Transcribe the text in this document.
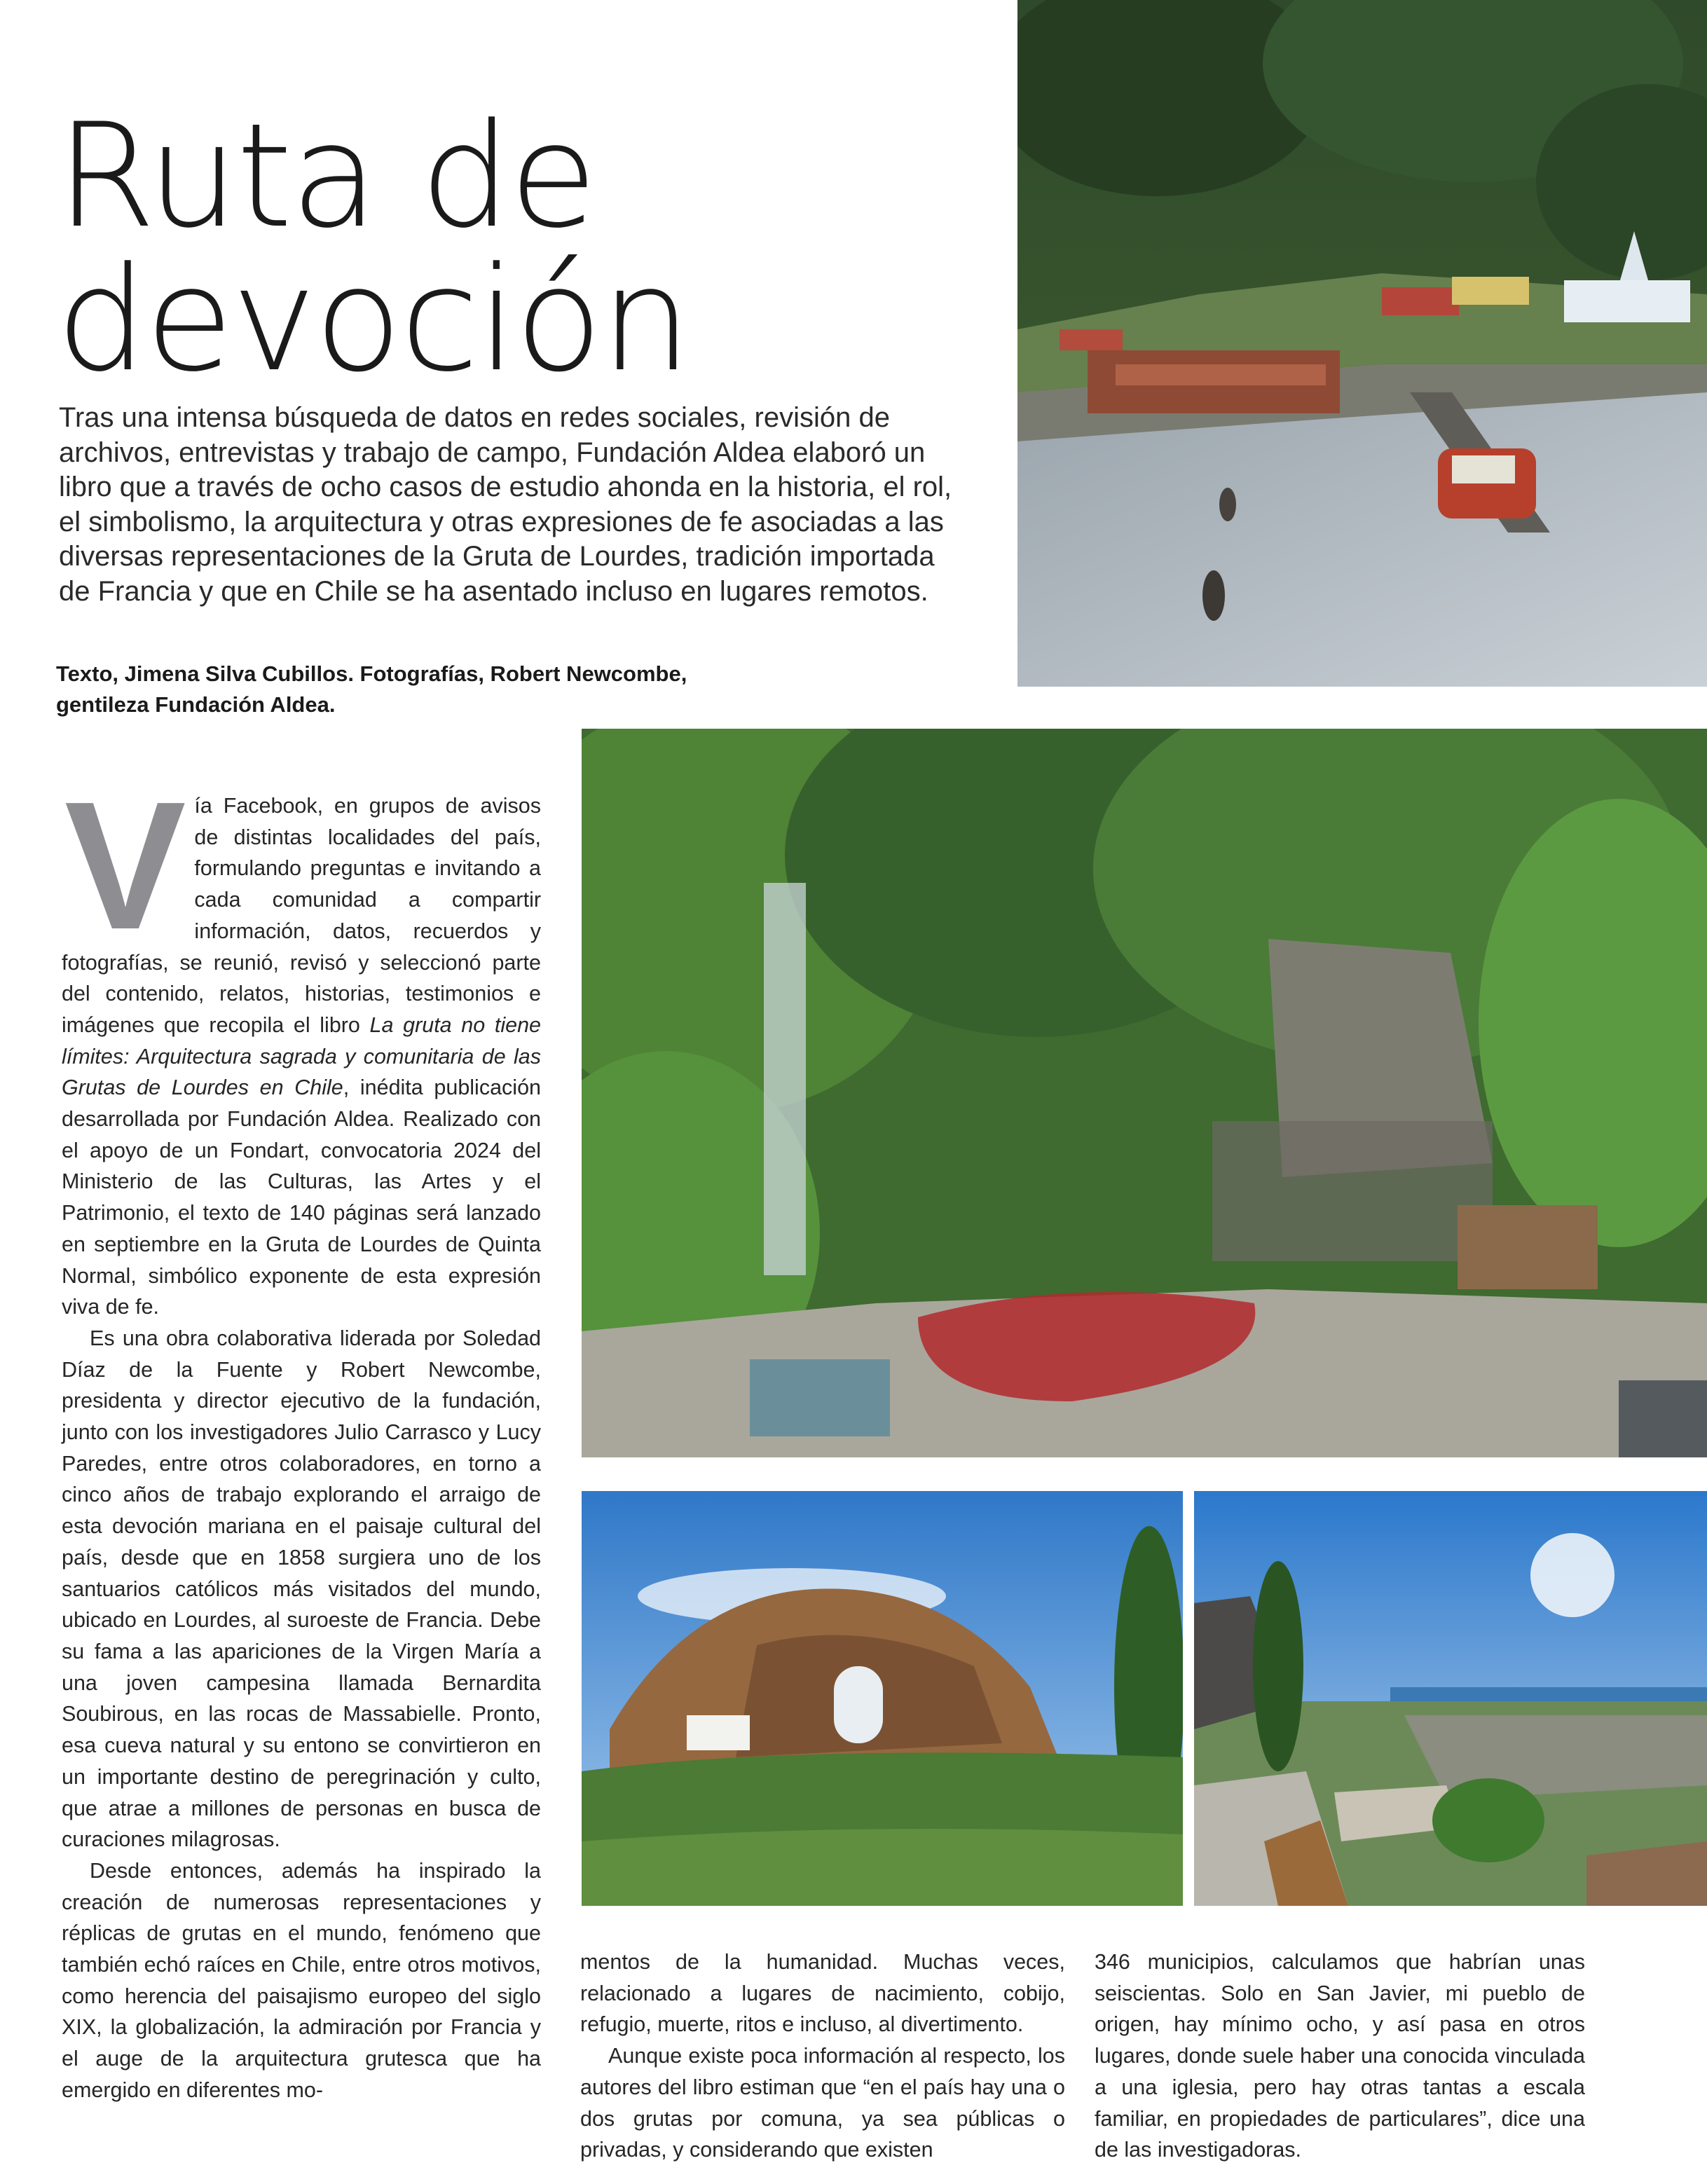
Ruta de
devoción
Tras una intensa búsqueda de datos en redes sociales, revisión de archivos, entrevistas y trabajo de campo, Fundación Aldea elaboró un libro que a través de ocho casos de estudio ahonda en la historia, el rol, el simbolismo, la arquitectura y otras expresiones de fe asociadas a las diversas representaciones de la Gruta de Lourdes, tradición importada de Francia y que en Chile se ha asentado incluso en lugares remotos.
Texto, Jimena Silva Cubillos. Fotografías, Robert Newcombe,
gentileza Fundación Aldea.

Vía Facebook, en grupos de avisos de distintas localidades del país, formulando preguntas e invitando a cada comunidad a compartir información, datos, recuerdos y fotografías, se reunió, revisó y seleccionó parte del contenido, relatos, historias, testimonios e imágenes que recopila el libro La gruta no tiene límites: Arquitectura sagrada y comunitaria de las Grutas de Lourdes en Chile, inédita publicación desarrollada por Fundación Aldea. Realizado con el apoyo de un Fondart, convocatoria 2024 del Ministerio de las Culturas, las Artes y el Patrimonio, el texto de 140 páginas será lanzado en septiembre en la Gruta de Lourdes de Quinta Normal, simbólico exponente de esta expresión viva de fe.

Es una obra colaborativa liderada por Soledad Díaz de la Fuente y Robert Newcombe, presidenta y director ejecutivo de la fundación, junto con los investigadores Julio Carrasco y Lucy Paredes, entre otros colaboradores, en torno a cinco años de trabajo explorando el arraigo de esta devoción mariana en el paisaje cultural del país, desde que en 1858 surgiera uno de los santuarios católicos más visitados del mundo, ubicado en Lourdes, al suroeste de Francia. Debe su fama a las apariciones de la Virgen María a una joven campesina llamada Bernardita Soubirous, en las rocas de Massabielle. Pronto, esa cueva natural y su entono se convirtieron en un importante destino de peregrinación y culto, que atrae a millones de personas en busca de curaciones milagrosas.

Desde entonces, además ha inspirado la creación de numerosas representaciones y réplicas de grutas en el mundo, fenómeno que también echó raíces en Chile, entre otros motivos, como herencia del paisajismo europeo del siglo XIX, la globalización, la admiración por Francia y el auge de la arquitectura grutesca que ha emergido en diferentes mo-

mentos de la humanidad. Muchas veces, relacionado a lugares de nacimiento, cobijo, refugio, muerte, ritos e incluso, al divertimento.

Aunque existe poca información al respecto, los autores del libro estiman que “en el país hay una o dos grutas por comuna, ya sea públicas o privadas, y considerando que existen

346 municipios, calculamos que habrían unas seiscientas. Solo en San Javier, mi pueblo de origen, hay mínimo ocho, y así pasa en otros lugares, donde suele haber una conocida vinculada a una iglesia, pero hay otras tantas a escala familiar, en propiedades de particulares”, dice una de las investigadoras.
